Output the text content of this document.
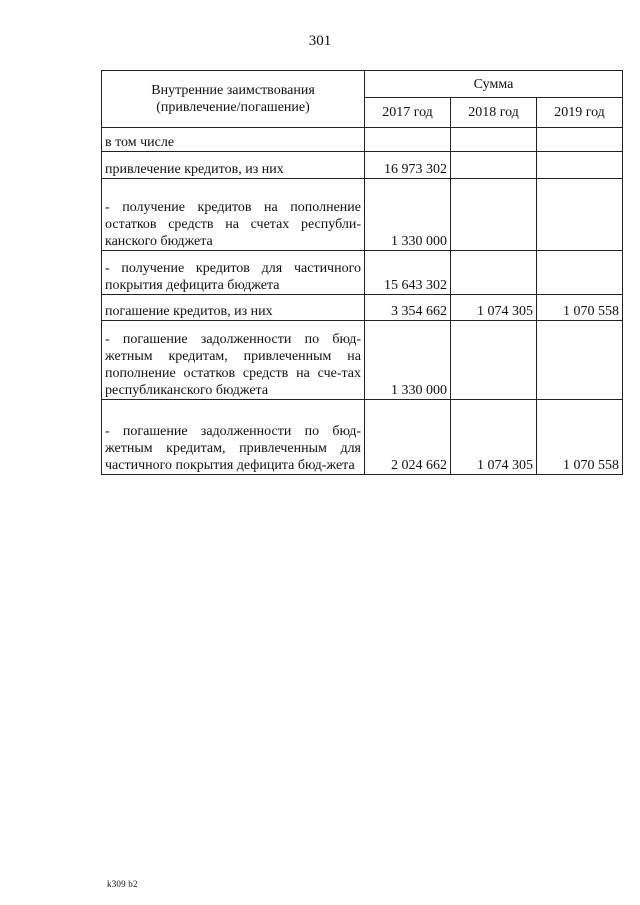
301
Внутренние заимствования (привлечение/погашение)	Сумма		
	2017 год	2018 год	2019 год
в том числе			
привлечение кредитов, из них	16 973 302		
- получение кредитов на пополнение остатков средств на счетах республи-канского бюджета	1 330 000		
- получение кредитов для частичного покрытия дефицита бюджета	15 643 302		
погашение кредитов, из них	3 354 662	1 074 305	1 070 558
- погашение задолженности по бюд-жетным кредитам, привлеченным на пополнение остатков средств на сче-тах республиканского бюджета	1 330 000		
- погашение задолженности по бюд-жетным кредитам, привлеченным для частичного покрытия дефицита бюд-жета	2 024 662	1 074 305	1 070 558
k309 b2
